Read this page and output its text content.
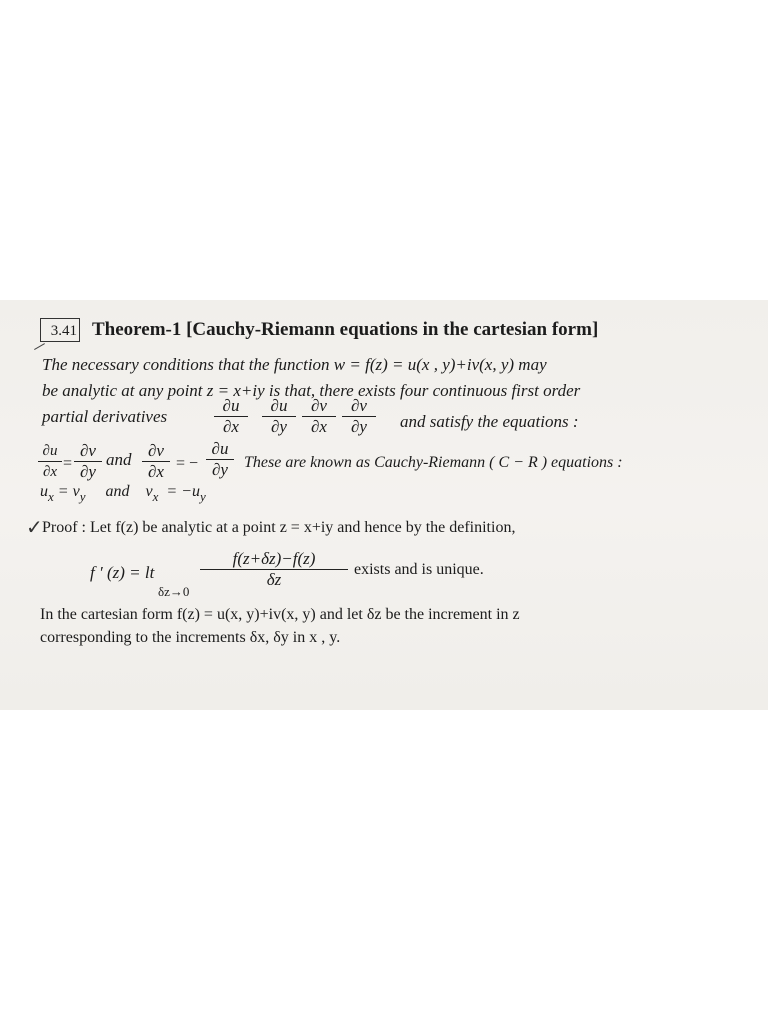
3.41 Theorem-1 [Cauchy-Riemann equations in the cartesian form]
The necessary conditions that the function w = f(z) = u(x , y)+iv(x, y) may
be analytic at any point z = x+iy is that, there exists four continuous first order
partial derivatives
∂u
∂x
∂u
∂y
∂v
∂x
∂v
∂y	and satisfy the equations :
∂u
∂x =
∂v
∂y
and ∂v
∂x = −
∂u
∂y	These are known as Cauchy-Riemann ( C − R ) equations :
$u_x = v_y$ and    $v_x = -u_y$
✓ Proof : Let f(z) be analytic at a point z = x+iy and hence by the definition,
f ′ (z) = lt
δz→0
f(z+δz)−f(z)
δz
exists and is unique.
In the cartesian form f(z) = u(x, y)+iv(x, y) and let δz be the increment in z
corresponding to the increments δx, δy in x , y.
